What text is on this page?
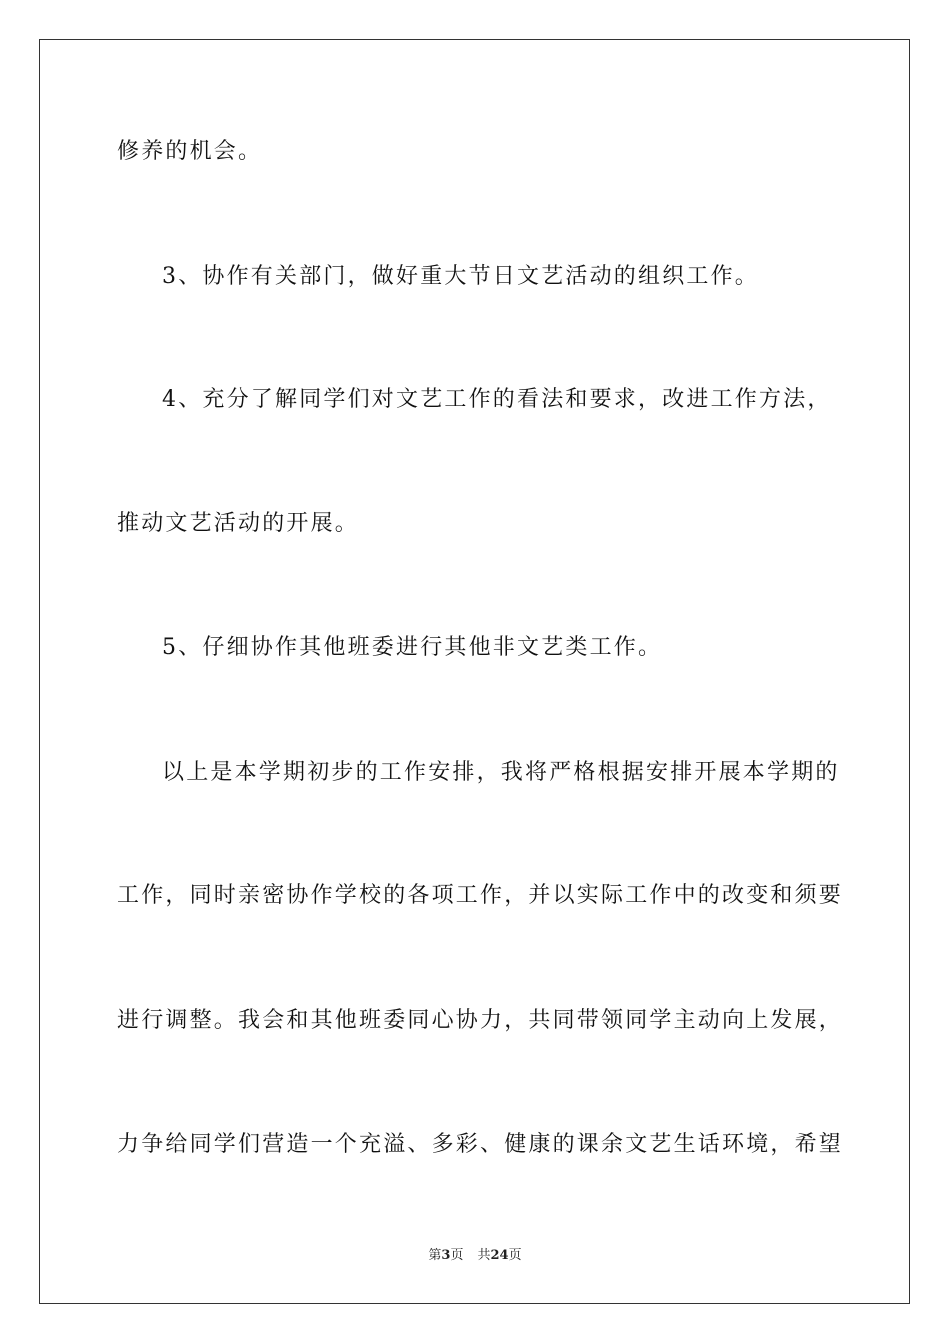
修养的机会。
3、协作有关部门，做好重大节日文艺活动的组织工作。
4、充分了解同学们对文艺工作的看法和要求，改进工作方法，
推动文艺活动的开展。
5、仔细协作其他班委进行其他非文艺类工作。
以上是本学期初步的工作安排，我将严格根据安排开展本学期的
工作，同时亲密协作学校的各项工作，并以实际工作中的改变和须要
进行调整。我会和其他班委同心协力，共同带领同学主动向上发展，
力争给同学们营造一个充溢、多彩、健康的课余文艺生话环境，希望
第3页 共24页
